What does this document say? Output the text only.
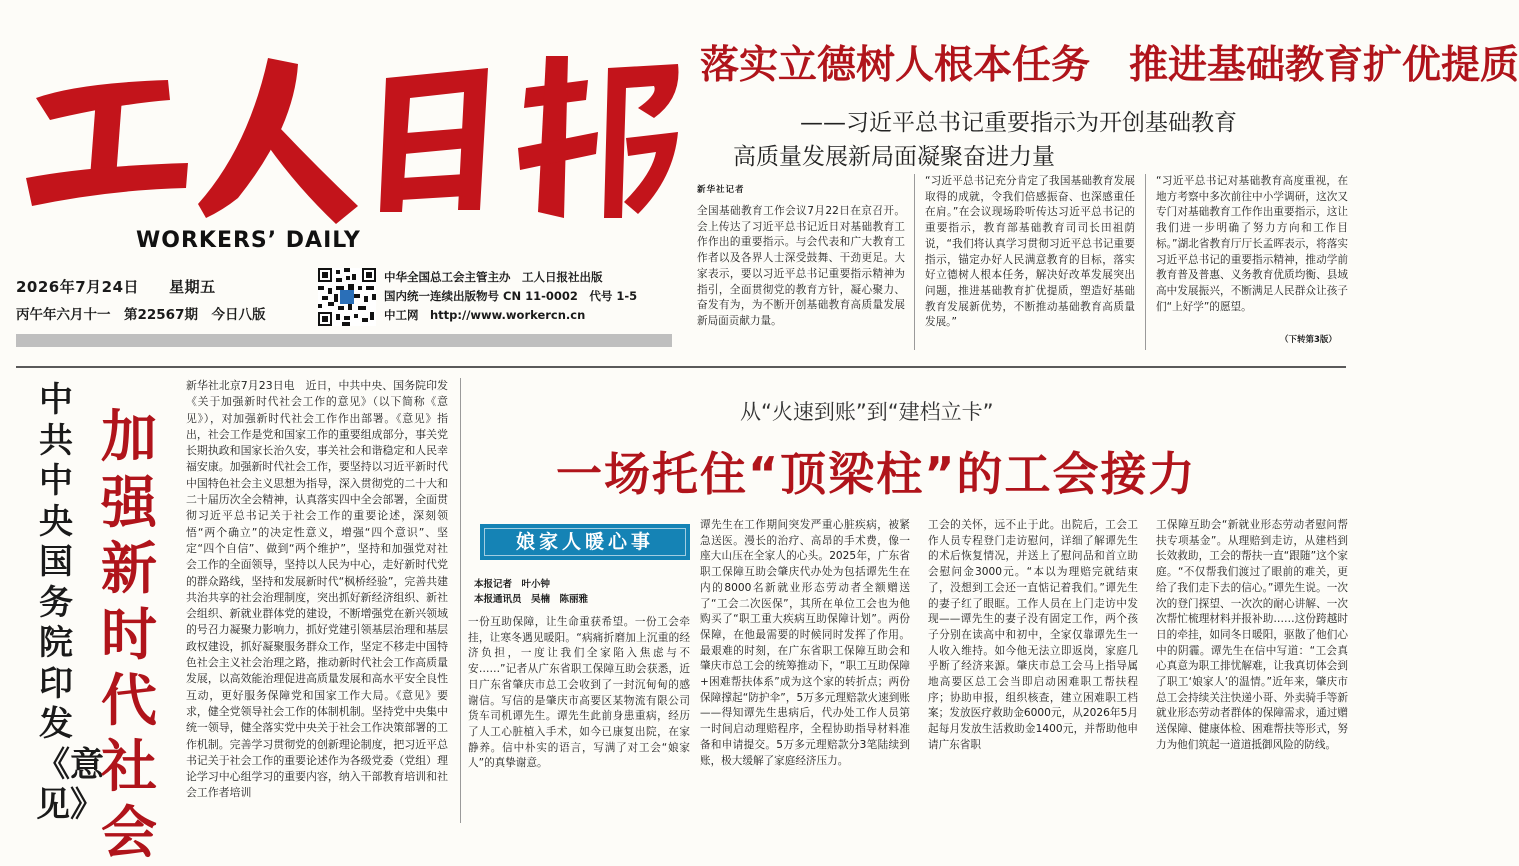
WORKERS’ DAILY
2026年7月24日 星期五
丙午年六月十一　第22567期　今日八版
中华全国总工会主管主办　工人日报社出版
国内统一连续出版物号 CN 11-0002　代号 1-5
中工网　http://www.workercn.cn
落实立德树人根本任务　推进基础教育扩优提质
——习近平总书记重要指示为开创基础教育
高质量发展新局面凝聚奋进力量
新华社记者
全国基础教育工作会议7月22日在京召开。会上传达了习近平总书记近日对基础教育工作作出的重要指示。与会代表和广大教育工作者以及各界人士深受鼓舞、干劲更足。大家表示，要以习近平总书记重要指示精神为指引，全面贯彻党的教育方针，凝心聚力、奋发有为，为不断开创基础教育高质量发展新局面贡献力量。
“习近平总书记充分肯定了我国基础教育发展取得的成就，令我们倍感振奋、也深感重任在肩。”在会议现场聆听传达习近平总书记的重要指示，教育部基础教育司司长田祖荫说，“我们将认真学习贯彻习近平总书记重要指示，锚定办好人民满意教育的目标，落实好立德树人根本任务，解决好改革发展突出问题，推进基础教育扩优提质，塑造好基础教育发展新优势，不断推动基础教育高质量发展。”
“习近平总书记对基础教育高度重视，在地方考察中多次前往中小学调研，这次又专门对基础教育工作作出重要指示，这让我们进一步明确了努力方向和工作目标。”湖北省教育厅厅长孟晖表示，将落实习近平总书记的重要指示精神，推动学前教育普及普惠、义务教育优质均衡、县域高中发展振兴，不断满足人民群众让孩子们“上好学”的愿望。
（下转第3版）
中共中央国务院印发《意见》
加强新时代社会
新华社北京7月23日电　近日，中共中央、国务院印发《关于加强新时代社会工作的意见》（以下简称《意见》），对加强新时代社会工作作出部署。《意见》指出，社会工作是党和国家工作的重要组成部分，事关党长期执政和国家长治久安，事关社会和谐稳定和人民幸福安康。加强新时代社会工作，要坚持以习近平新时代中国特色社会主义思想为指导，深入贯彻党的二十大和二十届历次全会精神，认真落实四中全会部署，全面贯彻习近平总书记关于社会工作的重要论述，深刻领悟“两个确立”的决定性意义，增强“四个意识”、坚定“四个自信”、做到“两个维护”，坚持和加强党对社会工作的全面领导，坚持以人民为中心，走好新时代党的群众路线，坚持和发展新时代“枫桥经验”，完善共建共治共享的社会治理制度，突出抓好新经济组织、新社会组织、新就业群体党的建设，不断增强党在新兴领域的号召力凝聚力影响力，抓好党建引领基层治理和基层政权建设，抓好凝聚服务群众工作，坚定不移走中国特色社会主义社会治理之路，推动新时代社会工作高质量发展，以高效能治理促进高质量发展和高水平安全良性互动，更好服务保障党和国家工作大局。《意见》要求，健全党领导社会工作的体制机制。坚持党中央集中统一领导，健全落实党中央关于社会工作决策部署的工作机制。完善学习贯彻党的创新理论制度，把习近平总书记关于社会工作的重要论述作为各级党委（党组）理论学习中心组学习的重要内容，纳入干部教育培训和社会工作者培训
从“火速到账”到“建档立卡”
一场托住“顶梁柱”的工会接力
娘家人暖心事
本报记者　叶小钟
本报通讯员　吴楠　陈丽雅
一份互助保障，让生命重获希望。一份工会牵挂，让寒冬遇见暖阳。“病痛折磨加上沉重的经济负担，一度让我们全家陷入焦虑与不安……”记者从广东省职工保障互助会获悉，近日广东省肇庆市总工会收到了一封沉甸甸的感谢信。写信的是肇庆市高要区某物流有限公司货车司机谭先生。谭先生此前身患重病，经历了人工心脏植入手术，如今已康复出院，在家静养。信中朴实的语言，写满了对工会“娘家人”的真挚谢意。
谭先生在工作期间突发严重心脏疾病，被紧急送医。漫长的治疗、高昂的手术费，像一座大山压在全家人的心头。2025年，广东省职工保障互助会肇庆代办处为包括谭先生在内的8000名新就业形态劳动者全额赠送了“工会二次医保”，其所在单位工会也为他购买了“职工重大疾病互助保障计划”。两份保障，在他最需要的时候同时发挥了作用。最艰难的时刻，在广东省职工保障互助会和肇庆市总工会的统筹推动下，“职工互助保障+困难帮扶体系”成为这个家的转折点；两份保障撑起“防护伞”，5万多元理赔款火速到账——得知谭先生患病后，代办处工作人员第一时间启动理赔程序，全程协助指导材料准备和申请提交。5万多元理赔款分3笔陆续到账，极大缓解了家庭经济压力。
工会的关怀，远不止于此。出院后，工会工作人员专程登门走访慰问，详细了解谭先生的术后恢复情况，并送上了慰问品和首立助会慰问金3000元。“本以为理赔完就结束了，没想到工会还一直惦记着我们。”谭先生的妻子红了眼眶。工作人员在上门走访中发现——谭先生的妻子没有固定工作，两个孩子分别在读高中和初中，全家仅靠谭先生一人收入维持。如今他无法立即返岗，家庭几乎断了经济来源。肇庆市总工会马上指导属地高要区总工会当即启动困难职工帮扶程序；协助申报，组织核查，建立困难职工档案；发放医疗救助金6000元，从2026年5月起每月发放生活救助金1400元，并帮助他申请广东省职
工保障互助会“新就业形态劳动者慰问帮扶专项基金”。从理赔到走访，从建档到长效救助，工会的帮扶一直“跟随”这个家庭。“不仅帮我们渡过了眼前的难关，更给了我们走下去的信心。”谭先生说。一次次的登门探望、一次次的耐心讲解、一次次帮忙梳理材料并报补助……这份跨越时日的牵挂，如同冬日暖阳，驱散了他们心中的阴霾。谭先生在信中写道：“工会真心真意为职工排忧解难，让我真切体会到了职工‘娘家人’的温情。”近年来，肇庆市总工会持续关注快递小哥、外卖骑手等新就业形态劳动者群体的保障需求，通过赠送保障、健康体检、困难帮扶等形式，努力为他们筑起一道道抵御风险的防线。
